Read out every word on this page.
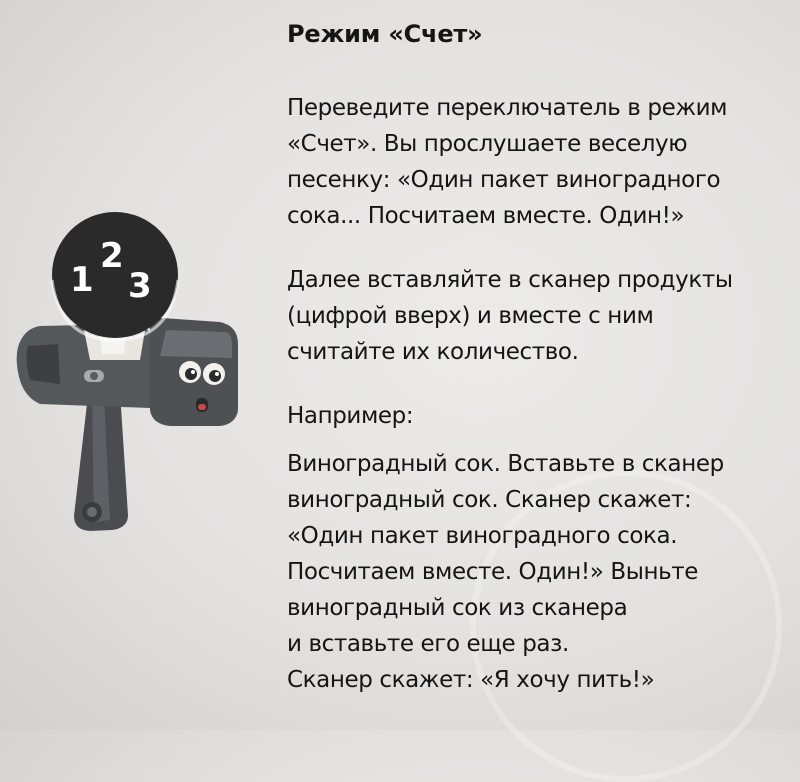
1
2
3
Режим «Счет»

Переведите переключатель в режим
«Счет». Вы прослушаете веселую
песенку: «Один пакет виноградного
сока... Посчитаем вместе. Один!»

Далее вставляйте в сканер продукты
(цифрой вверх) и вместе с ним
считайте их количество.

Например:

Виноградный сок. Вставьте в сканер
виноградный сок. Сканер скажет:
«Один пакет виноградного сока.
Посчитаем вместе. Один!» Выньте
виноградный сок из сканера
и вставьте его еще раз.
Сканер скажет: «Я хочу пить!»
